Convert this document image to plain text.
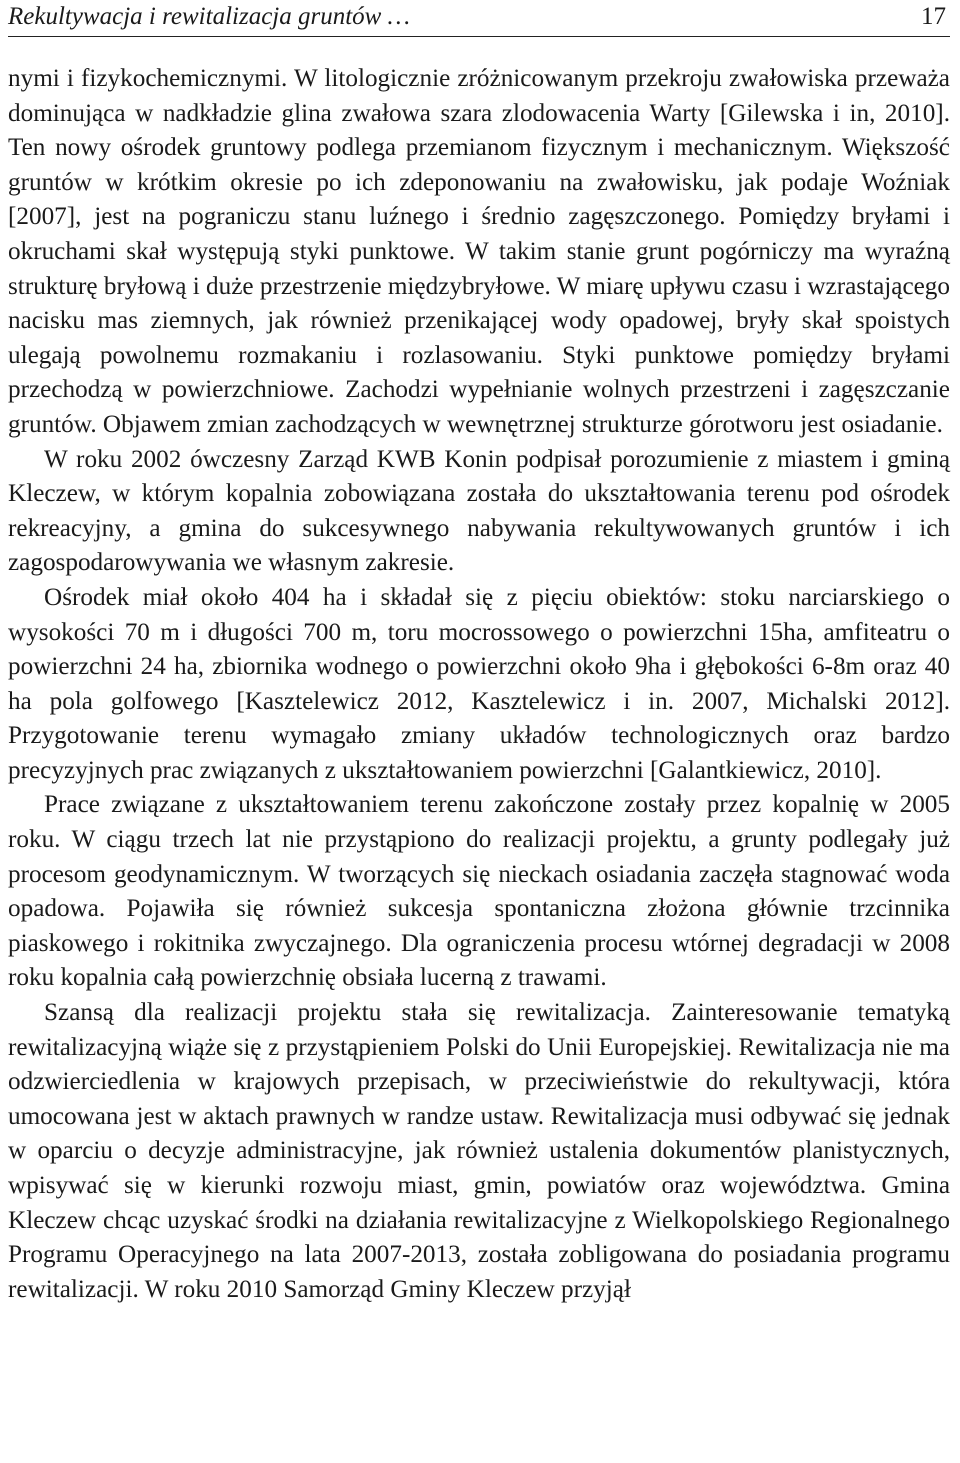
Rekultywacja i rewitalizacja gruntów …	17

nymi i fizykochemicznymi. W litologicznie zróżnicowanym przekroju zwałowiska przeważa dominująca w nadkładzie glina zwałowa szara zlodowacenia Warty [Gilewska i in, 2010]. Ten nowy ośrodek gruntowy podlega przemianom fizycznym i mechanicznym. Większość gruntów w krótkim okresie po ich zdeponowaniu na zwałowisku, jak podaje Woźniak [2007], jest na pograniczu stanu luźnego i średnio zagęszczonego. Pomiędzy bryłami i okruchami skał występują styki punktowe. W takim stanie grunt pogórniczy ma wyraźną strukturę bryłową i duże przestrzenie międzybryłowe. W miarę upływu czasu i wzrastającego nacisku mas ziemnych, jak również przenikającej wody opadowej, bryły skał spoistych ulegają powolnemu rozmakaniu i rozlasowaniu. Styki punktowe pomiędzy bryłami przechodzą w powierzchniowe. Zachodzi wypełnianie wolnych przestrzeni i zagęszczanie gruntów. Objawem zmian zachodzących w wewnętrznej strukturze górotworu jest osiadanie.

W roku 2002 ówczesny Zarząd KWB Konin podpisał porozumienie z miastem i gminą Kleczew, w którym kopalnia zobowiązana została do ukształtowania terenu pod ośrodek rekreacyjny, a gmina do sukcesywnego nabywania rekultywowanych gruntów i ich zagospodarowywania we własnym zakresie.

Ośrodek miał około 404 ha i składał się z pięciu obiektów: stoku narciarskiego o wysokości 70 m i długości 700 m, toru mocrossowego o powierzchni 15ha, amfiteatru o powierzchni 24 ha, zbiornika wodnego o powierzchni około 9ha i głębokości 6-8m oraz 40 ha pola golfowego [Kasztelewicz 2012, Kasztelewicz i in. 2007, Michalski 2012]. Przygotowanie terenu wymagało zmiany układów technologicznych oraz bardzo precyzyjnych prac związanych z ukształtowaniem powierzchni [Galantkiewicz, 2010].

Prace związane z ukształtowaniem terenu zakończone zostały przez kopalnię w 2005 roku. W ciągu trzech lat nie przystąpiono do realizacji projektu, a grunty podlegały już procesom geodynamicznym. W tworzących się nieckach osiadania zaczęła stagnować woda opadowa. Pojawiła się również sukcesja spontaniczna złożona głównie trzcinnika piaskowego i rokitnika zwyczajnego. Dla ograniczenia procesu wtórnej degradacji w 2008 roku kopalnia całą powierzchnię obsiała lucerną z trawami.

Szansą dla realizacji projektu stała się rewitalizacja. Zainteresowanie tematyką rewitalizacyjną wiąże się z przystąpieniem Polski do Unii Europejskiej. Rewitalizacja nie ma odzwierciedlenia w krajowych przepisach, w przeciwieństwie do rekultywacji, która umocowana jest w aktach prawnych w randze ustaw. Rewitalizacja musi odbywać się jednak w oparciu o decyzje administracyjne, jak również ustalenia dokumentów planistycznych, wpisywać się w kierunki rozwoju miast, gmin, powiatów oraz województwa. Gmina Kleczew chcąc uzyskać środki na działania rewitalizacyjne z Wielkopolskiego Regionalnego Programu Operacyjnego na lata 2007-2013, została zobligowana do posiadania programu rewitalizacji. W roku 2010 Samorząd Gminy Kleczew przyjął
